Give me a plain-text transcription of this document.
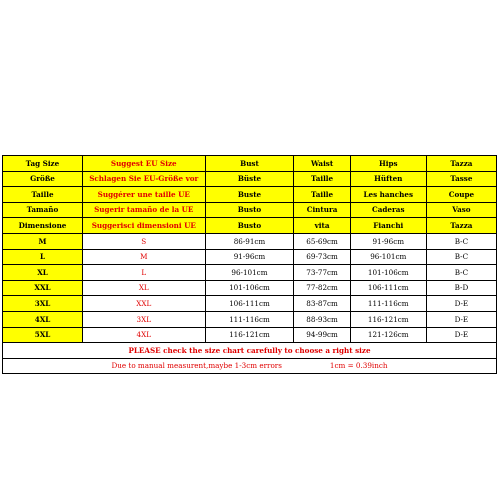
Tag Size	Suggest EU Size	Bust	Waist	Hips	Tazza
Größe	Schlagen Sie EU-Größe vor	Büste	Taille	Hüften	Tasse
Taille	Suggérer une taille UE	Buste	Taille	Les hanches	Coupe
Tamaño	Sugerir tamaño de la UE	Busto	Cintura	Caderas	Vaso
Dimensione	Suggerisci dimensioni UE	Busto	vita	Fianchi	Tazza
M	S	86-91cm	65-69cm	91-96cm	B-C
L	M	91-96cm	69-73cm	96-101cm	B-C
XL	L	96-101cm	73-77cm	101-106cm	B-C
XXL	XL	101-106cm	77-82cm	106-111cm	B-D
3XL	XXL	106-111cm	83-87cm	111-116cm	D-E
4XL	3XL	111-116cm	88-93cm	116-121cm	D-E
5XL	4XL	116-121cm	94-99cm	121-126cm	D-E
PLEASE check the size chart carefully to choose a right size					
Due to manual measurent,maybe 1-3cm errors 1cm = 0.39inch					
